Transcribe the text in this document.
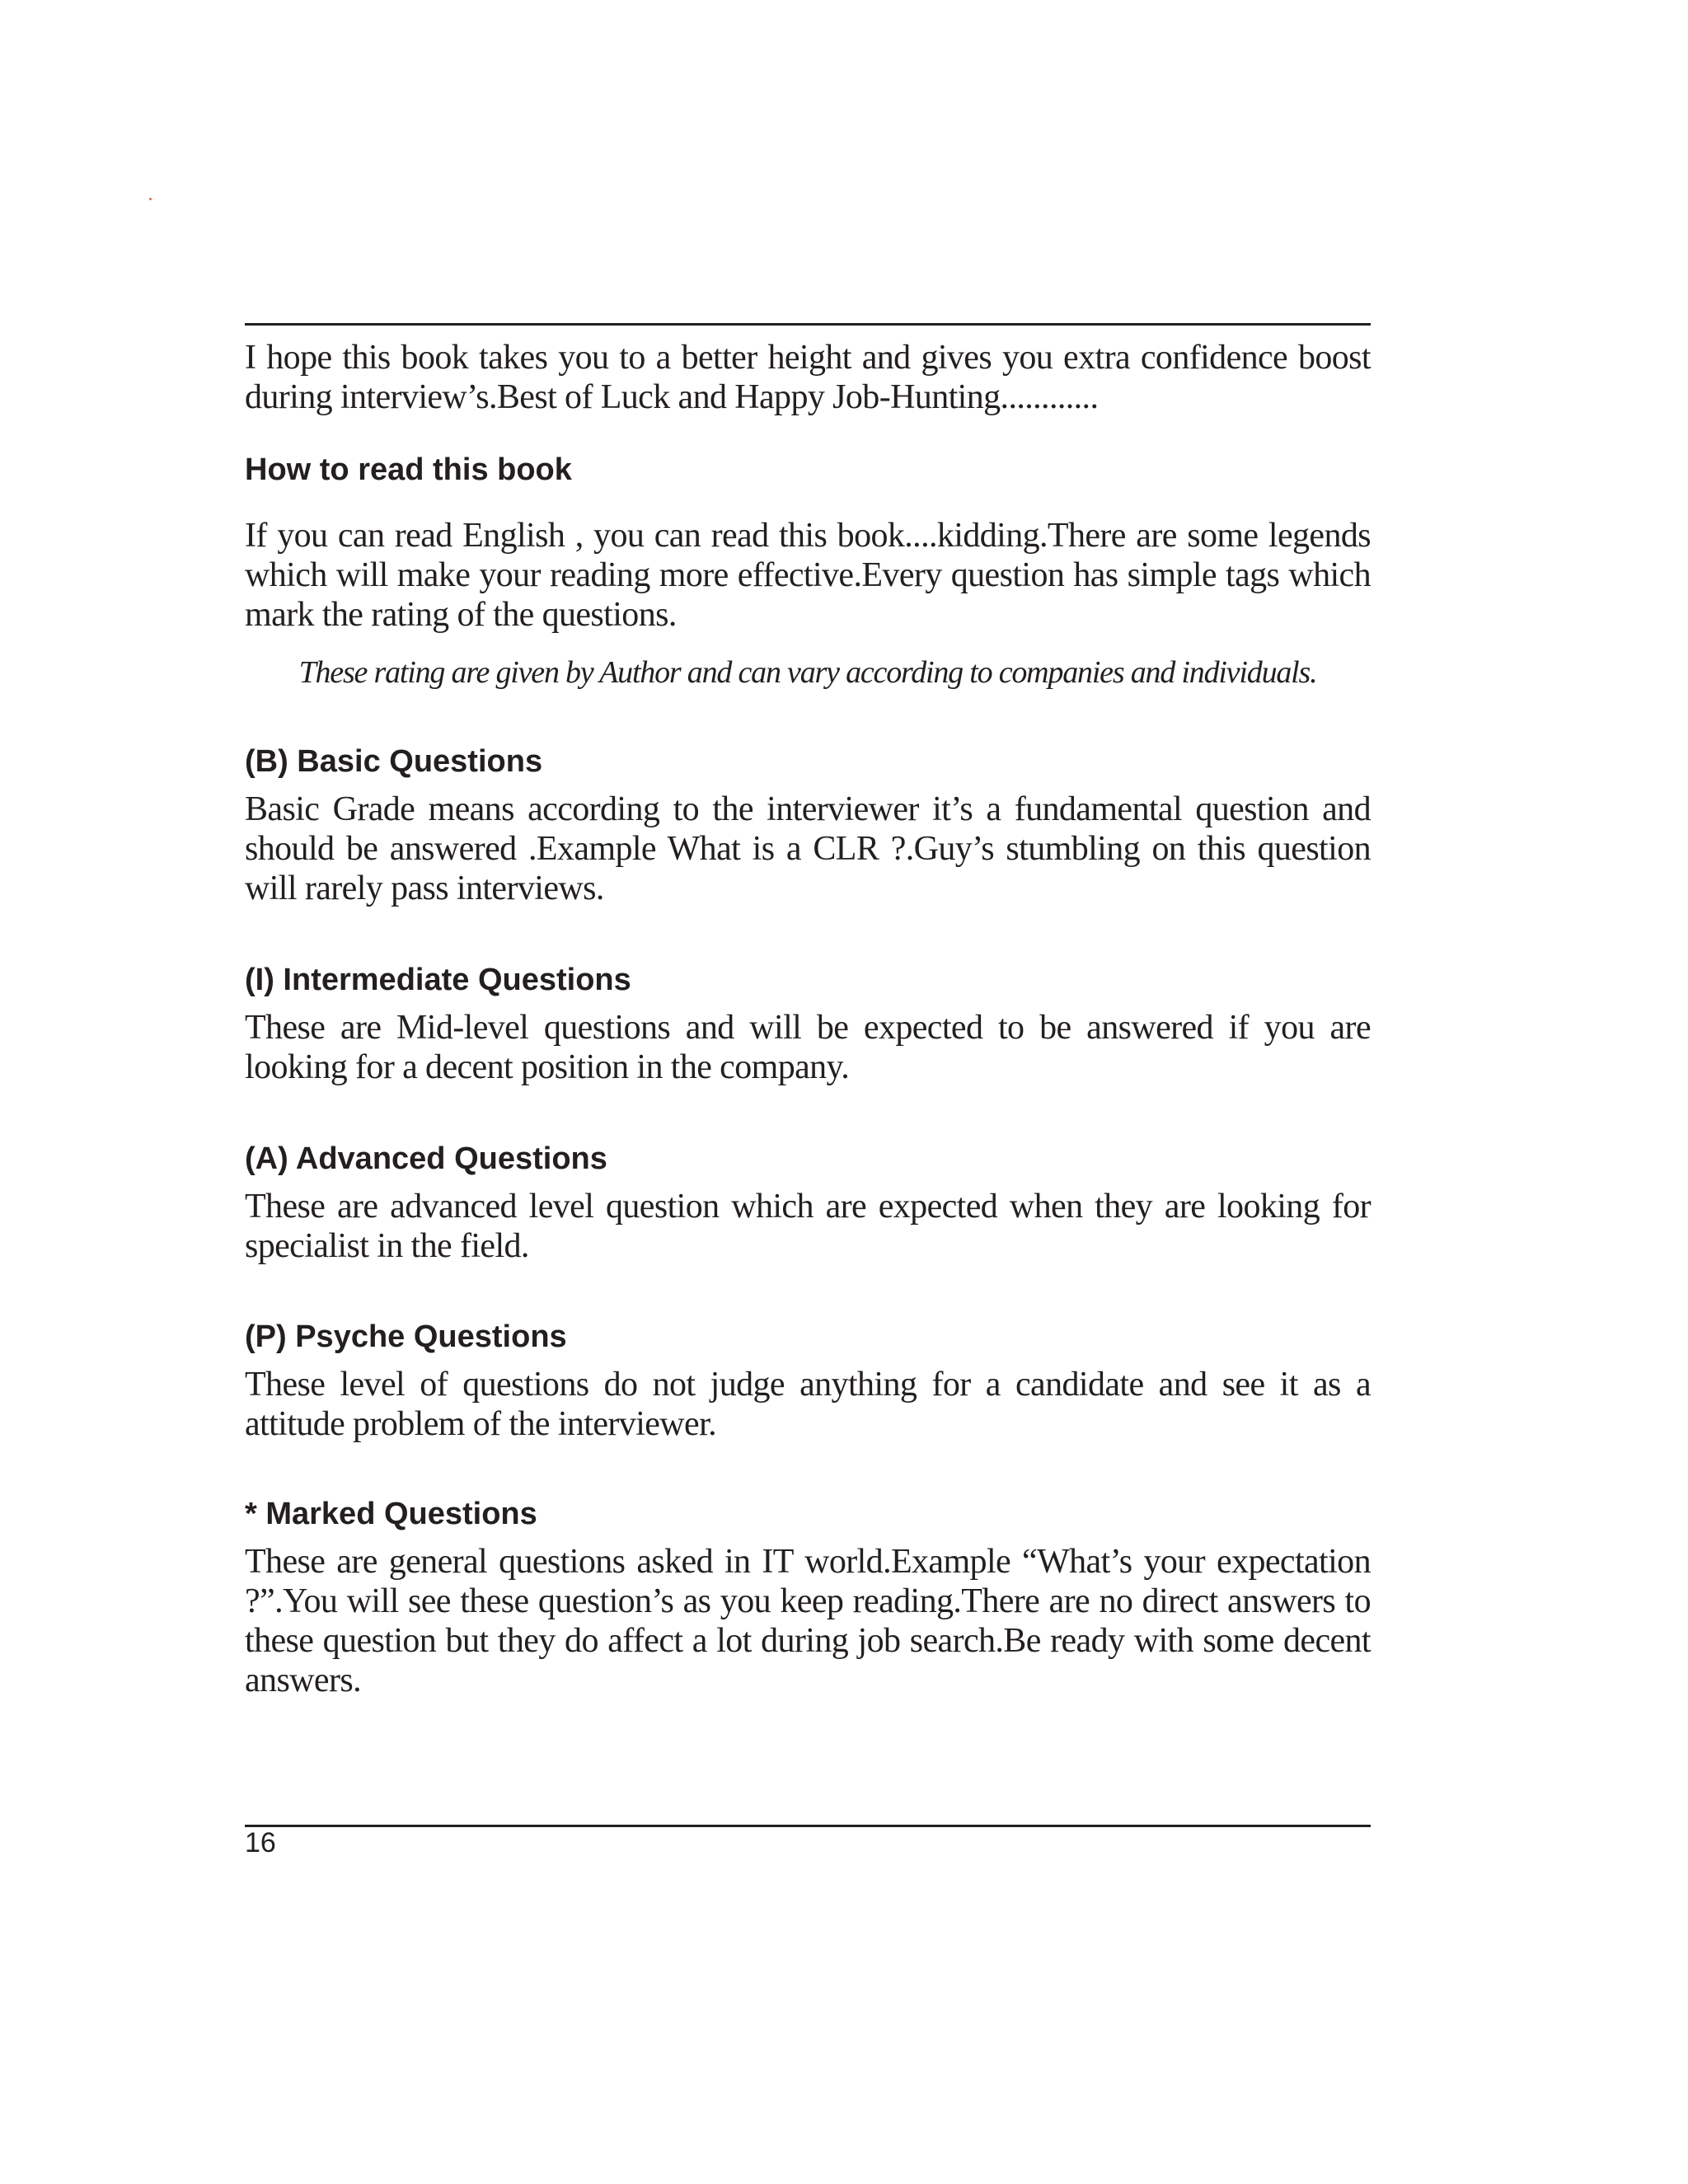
I hope this book takes you to a better height and gives you extra confidence boost during interview’s.Best of Luck and Happy Job-Hunting............

How to read this book

If you can read English , you can read this book....kidding.There are some legends which will make your reading more effective.Every question has simple tags which mark the rating of the questions.

These rating are given by Author and can vary according to companies and individuals.

(B) Basic Questions

Basic Grade means according to the interviewer it’s a fundamental question and should be answered .Example What is a CLR ?.Guy’s stumbling on this question will rarely pass interviews.

(I) Intermediate Questions

These are Mid-level questions and will be expected to be answered if you are looking for a decent position in the company.

(A) Advanced Questions

These are advanced level question which are expected when they are looking for specialist in the field.

(P) Psyche Questions

These level of questions do not judge anything for a candidate and see it as a attitude problem of the interviewer.

* Marked Questions

These are general questions asked in IT world.Example “What’s your expectation ?”.You will see these question’s as you keep reading.There are no direct answers to these question but they do affect a lot during job search.Be ready with some decent answers.

16
